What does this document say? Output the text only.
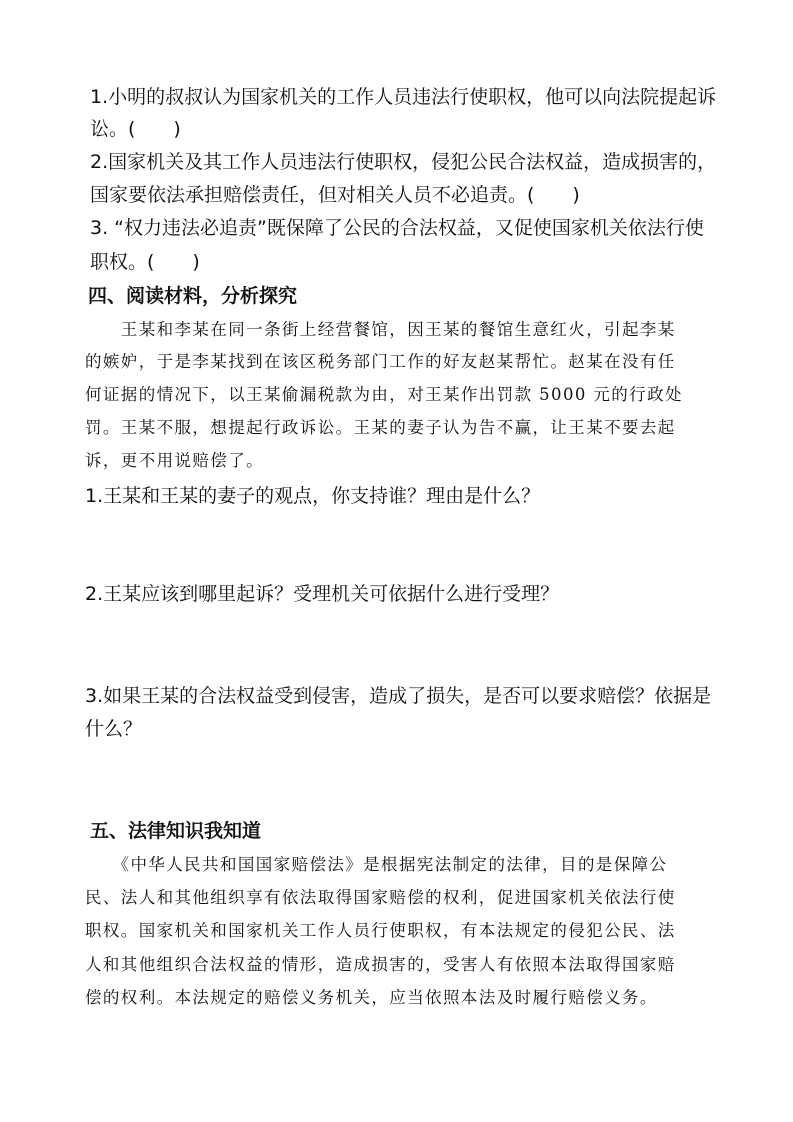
1.小明的叔叔认为国家机关的工作人员违法行使职权，他可以向法院提起诉
讼。(　　)
2.国家机关及其工作人员违法行使职权，侵犯公民合法权益，造成损害的，
国家要依法承担赔偿责任，但对相关人员不必追责。(　　)
3. “权力违法必追责”既保障了公民的合法权益，又促使国家机关依法行使
职权。(　　)
四、阅读材料，分析探究
　　王某和李某在同一条街上经营餐馆，因王某的餐馆生意红火，引起李某
的嫉妒，于是李某找到在该区税务部门工作的好友赵某帮忙。赵某在没有任
何证据的情况下，以王某偷漏税款为由，对王某作出罚款 5000 元的行政处
罚。王某不服，想提起行政诉讼。王某的妻子认为告不赢，让王某不要去起
诉，更不用说赔偿了。
1.王某和王某的妻子的观点，你支持谁？理由是什么？
2.王某应该到哪里起诉？受理机关可依据什么进行受理？
3.如果王某的合法权益受到侵害，造成了损失，是否可以要求赔偿？依据是
什么？
五、法律知识我知道
　　《中华人民共和国国家赔偿法》是根据宪法制定的法律，目的是保障公
民、法人和其他组织享有依法取得国家赔偿的权利，促进国家机关依法行使
职权。国家机关和国家机关工作人员行使职权，有本法规定的侵犯公民、法
人和其他组织合法权益的情形，造成损害的，受害人有依照本法取得国家赔
偿的权利。本法规定的赔偿义务机关，应当依照本法及时履行赔偿义务。
